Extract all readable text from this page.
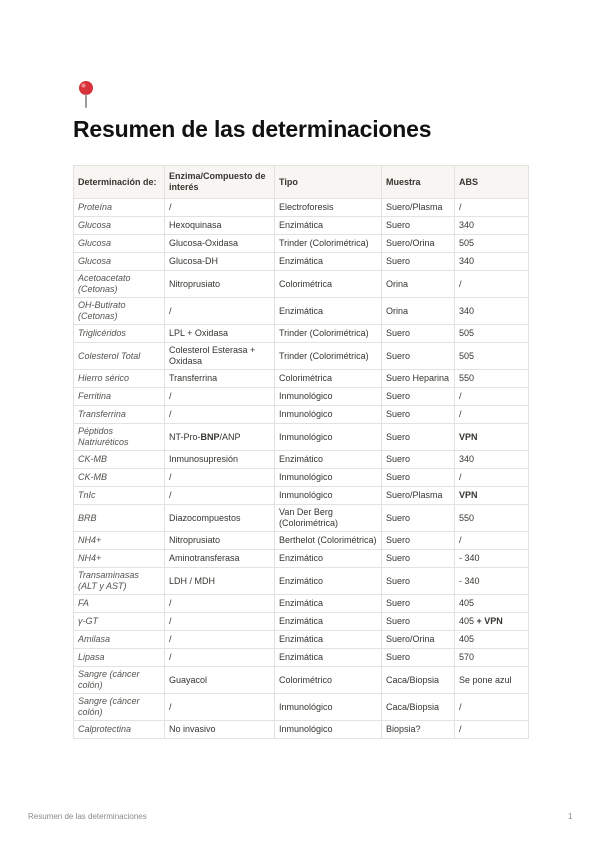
Resumen de las determinaciones
Determinación de:	Enzima/Compuesto de interés	Tipo	Muestra	ABS
Proteína	/	Electroforesis	Suero/Plasma	/
Glucosa	Hexoquinasa	Enzimática	Suero	340
Glucosa	Glucosa-Oxidasa	Trinder (Colorimétrica)	Suero/Orina	505
Glucosa	Glucosa-DH	Enzimática	Suero	340
Acetoacetato (Cetonas)	Nitroprusiato	Colorimétrica	Orina	/
OH-Butirato (Cetonas)	/	Enzimática	Orina	340
Triglicéridos	LPL + Oxidasa	Trinder (Colorimétrica)	Suero	505
Colesterol Total	Colesterol Esterasa + Oxidasa	Trinder (Colorimétrica)	Suero	505
Hierro sérico	Transferrina	Colorimétrica	Suero Heparina	550
Ferritina	/	Inmunológico	Suero	/
Transferrina	/	Inmunológico	Suero	/
Péptidos Natriuréticos	NT-Pro-BNP/ANP	Inmunológico	Suero	VPN
CK-MB	Inmunosupresión	Enzimático	Suero	340
CK-MB	/	Inmunológico	Suero	/
TnIc	/	Inmunológico	Suero/Plasma	VPN
BRB	Diazocompuestos	Van Der Berg (Colorimétrica)	Suero	550
NH4+	Nitroprusiato	Berthelot (Colorimétrica)	Suero	/
NH4+	Aminotransferasa	Enzimático	Suero	- 340
Transaminasas (ALT y AST)	LDH / MDH	Enzimático	Suero	- 340
FA	/	Enzimática	Suero	405
γ-GT	/	Enzimática	Suero	405 + VPN
Amilasa	/	Enzimática	Suero/Orina	405
Lipasa	/	Enzimática	Suero	570
Sangre (cáncer colón)	Guayacol	Colorimétrico	Caca/Biopsia	Se pone azul
Sangre (cáncer colón)	/	Inmunológico	Caca/Biopsia	/
Calprotectina	No invasivo	Inmunológico	Biopsia?	/
Resumen de las determinaciones	1
